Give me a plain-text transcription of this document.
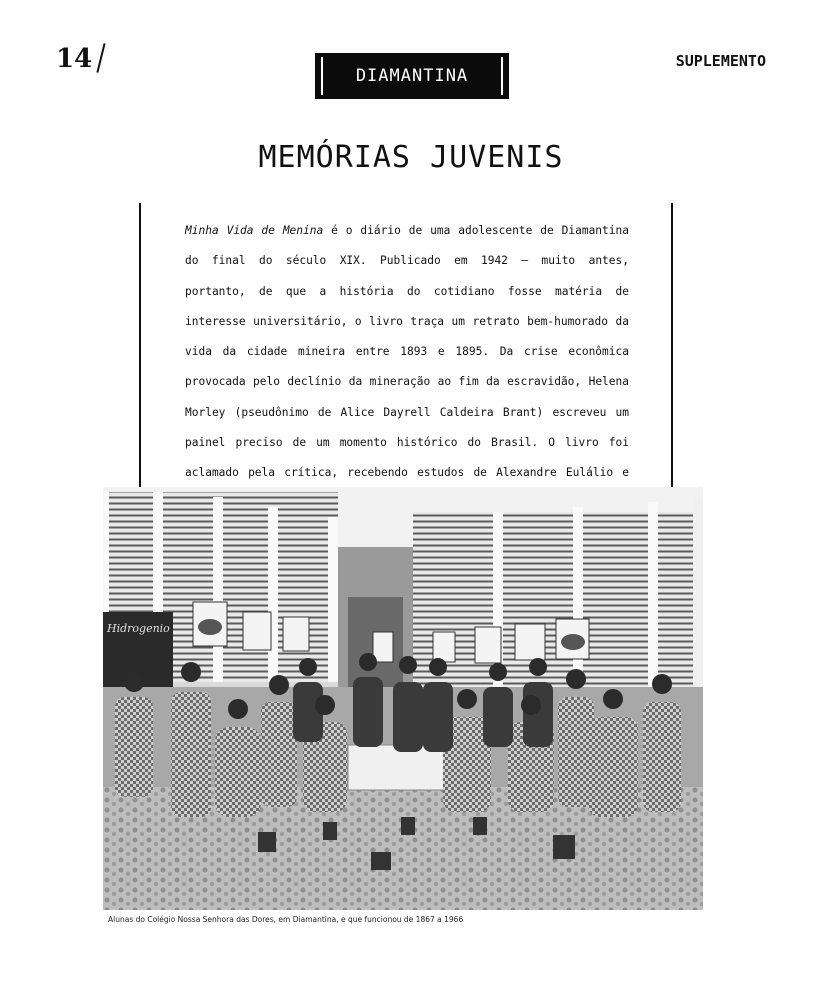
14
DIAMANTINA
SUPLEMENTO
MEMÓRIAS JUVENIS

Minha Vida de Menina é o diário de uma adolescente de Diamantina do final do século XIX. Publicado em 1942 – muito antes, portanto, de que a história do cotidiano fosse matéria de interesse universitário, o livro traça um retrato bem-humorado da vida da cidade mineira entre 1893 e 1895. Da crise econômica provocada pelo declínio da mineração ao fim da escravidão, Helena Morley (pseudônimo de Alice Dayrell Caldeira Brant) escreveu um painel preciso de um momento histórico do Brasil. O livro foi aclamado pela crítica, recebendo estudos de Alexandre Eulálio e

Hidrogenio
Alunas do Colégio Nossa Senhora das Dores, em Diamantina, e que funcionou de 1867 a 1966
